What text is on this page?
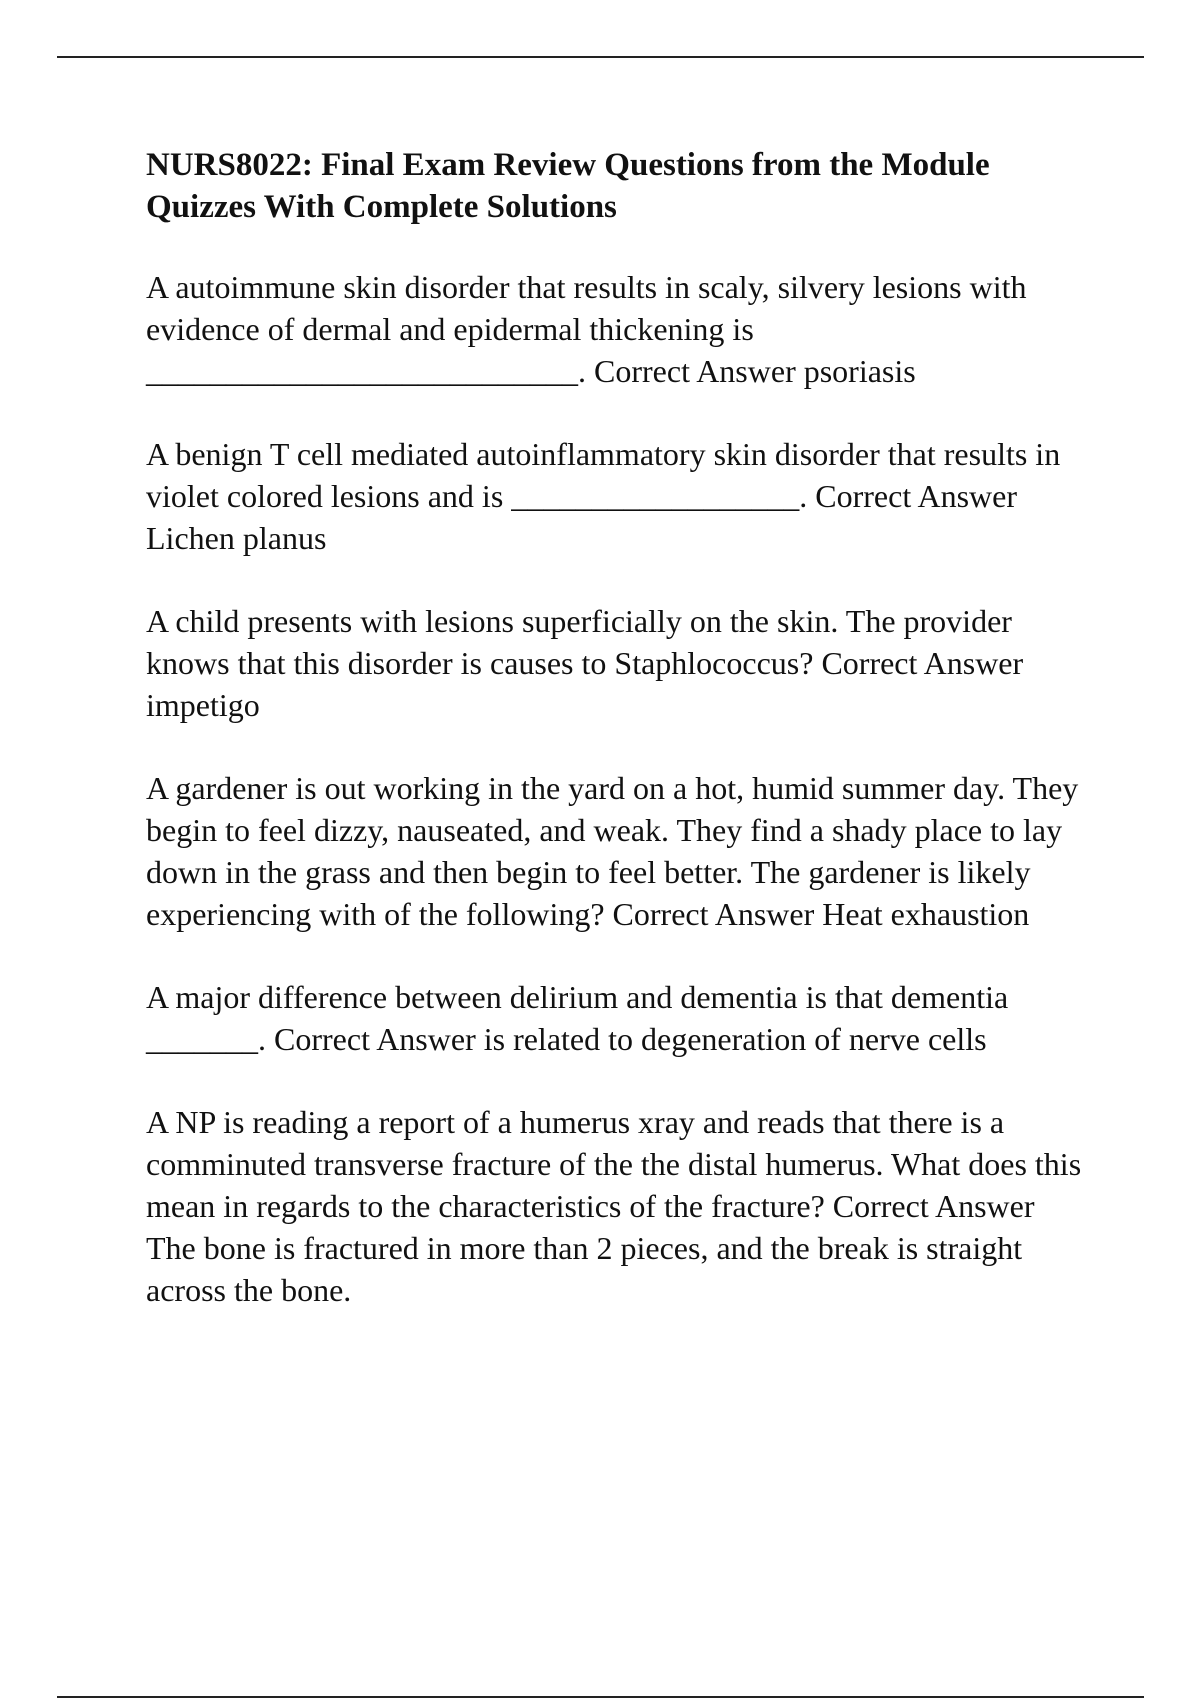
NURS8022: Final Exam Review Questions from the Module Quizzes With Complete Solutions
A autoimmune skin disorder that results in scaly, silvery lesions with evidence of dermal and epidermal thickening is ___________________________. Correct Answer psoriasis
A benign T cell mediated autoinflammatory skin disorder that results in violet colored lesions and is __________________. Correct Answer Lichen planus
A child presents with lesions superficially on the skin. The provider knows that this disorder is causes to Staphlococcus? Correct Answer impetigo
A gardener is out working in the yard on a hot, humid summer day. They begin to feel dizzy, nauseated, and weak. They find a shady place to lay down in the grass and then begin to feel better. The gardener is likely experiencing with of the following? Correct Answer Heat exhaustion
A major difference between delirium and dementia is that dementia _______. Correct Answer is related to degeneration of nerve cells
A NP is reading a report of a humerus xray and reads that there is a comminuted transverse fracture of the the distal humerus. What does this mean in regards to the characteristics of the fracture? Correct Answer The bone is fractured in more than 2 pieces, and the break is straight across the bone.
